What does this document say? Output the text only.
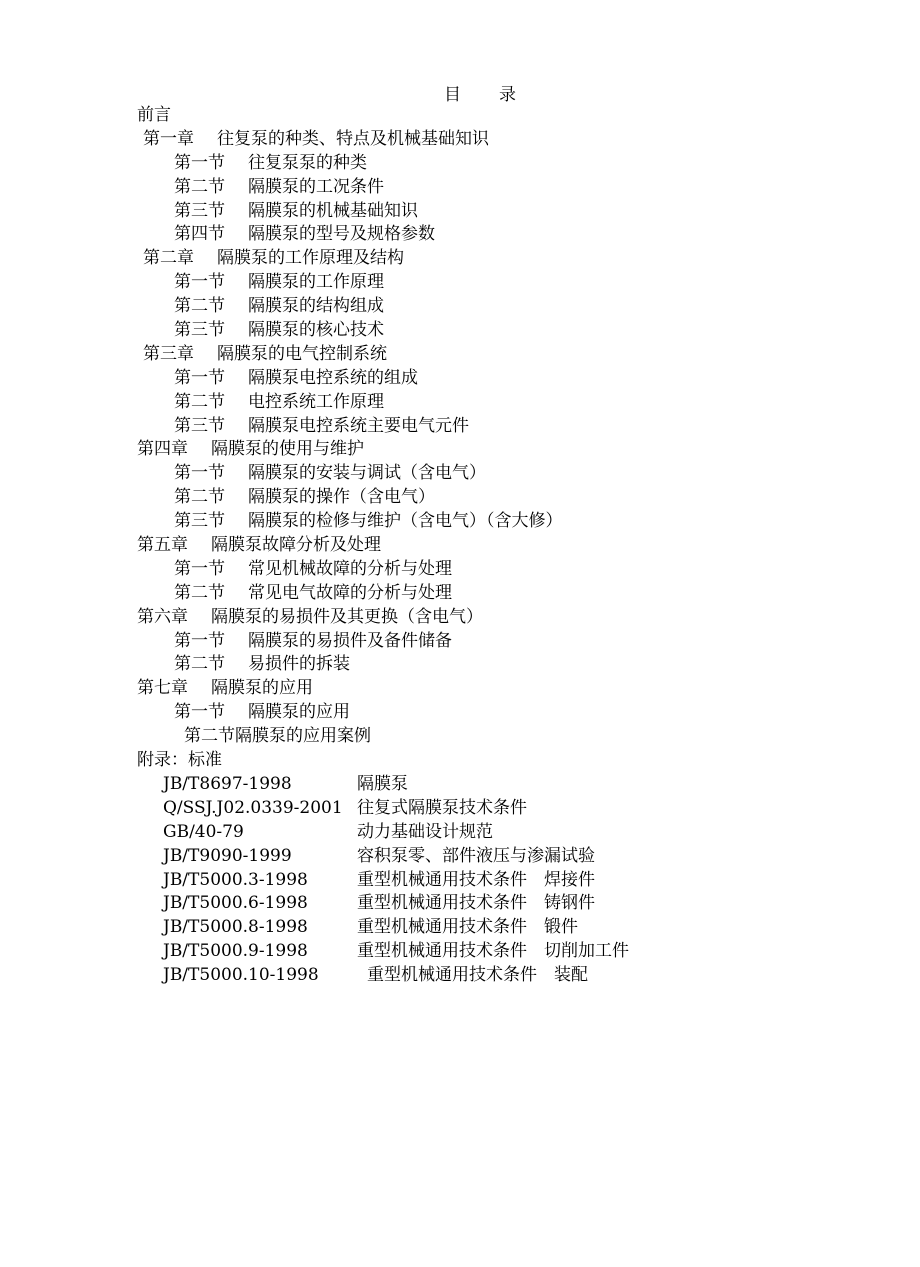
目 录
前言
第一章 往复泵的种类、特点及机械基础知识
第一节 往复泵泵的种类
第二节 隔膜泵的工况条件
第三节 隔膜泵的机械基础知识
第四节 隔膜泵的型号及规格参数
第二章 隔膜泵的工作原理及结构
第一节 隔膜泵的工作原理
第二节 隔膜泵的结构组成
第三节 隔膜泵的核心技术
第三章 隔膜泵的电气控制系统
第一节 隔膜泵电控系统的组成
第二节 电控系统工作原理
第三节 隔膜泵电控系统主要电气元件
第四章 隔膜泵的使用与维护
第一节 隔膜泵的安装与调试（含电气）
第二节 隔膜泵的操作（含电气）
第三节 隔膜泵的检修与维护（含电气）（含大修）
第五章 隔膜泵故障分析及处理
第一节 常见机械故障的分析与处理
第二节 常见电气故障的分析与处理
第六章 隔膜泵的易损件及其更换（含电气）
第一节 隔膜泵的易损件及备件储备
第二节 易损件的拆装
第七章 隔膜泵的应用
第一节 隔膜泵的应用
第二节隔膜泵的应用案例
附录：标准
JB/T8697-1998	隔膜泵
Q/SSJ.J02.0339-2001 往复式隔膜泵技术条件
GB/40-79	动力基础设计规范
JB/T9090-1999	容积泵零、部件液压与渗漏试验
JB/T5000.3-1998	重型机械通用技术条件　焊接件
JB/T5000.6-1998	重型机械通用技术条件　铸钢件
JB/T5000.8-1998	重型机械通用技术条件　锻件
JB/T5000.9-1998	重型机械通用技术条件　切削加工件
JB/T5000.10-1998	重型机械通用技术条件　装配
